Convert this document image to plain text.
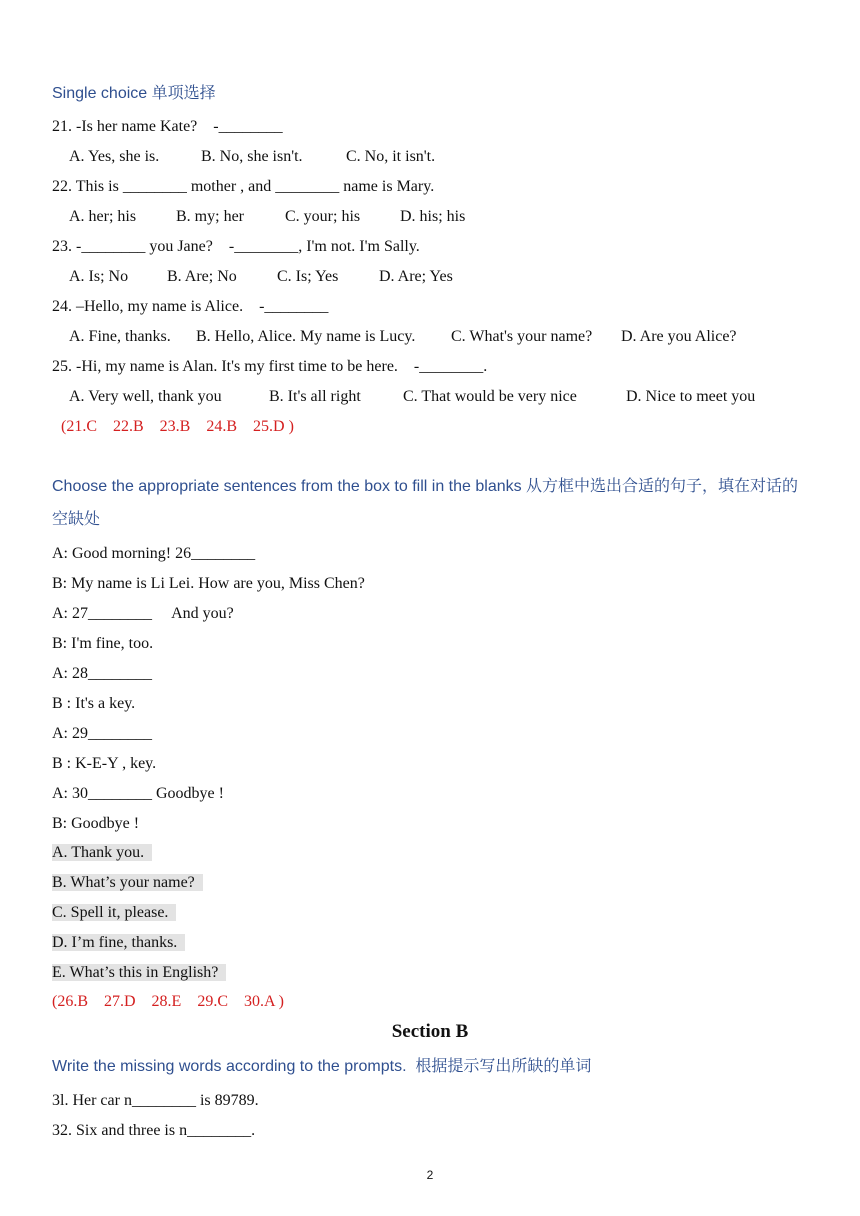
Single choice 单项选择
21. -Is her name Kate?    -________
A. Yes, she is.	B. No, she isn't.	C. No, it isn't.
22. This is ________ mother , and ________ name is Mary.
A. her; his B. my; her	C. your; his D. his; his
23. -________ you Jane?    -________, I'm not. I'm Sally.
A. Is; No B. Are; No	C. Is; Yes	D. Are; Yes
24. –Hello, my name is Alice.    -________
A. Fine, thanks. B. Hello, Alice. My name is Lucy. C. What's your name? D. Are you Alice?
25. -Hi, my name is Alan. It's my first time to be here.    -________.
A. Very well, thank you	B. It's all right	C. That would be very nice	D. Nice to meet you
(21.C    22.B    23.B    24.B    25.D )
Choose the appropriate sentences from the box to fill in the blanks 从方框中选出合适的句子，填在对话的
空缺处
A: Good morning! 26________
B: My name is Li Lei. How are you, Miss Chen?
A: 27________     And you?
B: I'm fine, too.
A: 28________
B : It's a key.
A: 29________
B : K-E-Y , key.
A: 30________ Goodbye !
B: Goodbye !
A. Thank you.
B. What’s your name?
C. Spell it, please.
D. I’m fine, thanks.
E. What’s this in English?
(26.B    27.D    28.E    29.C    30.A )
Section B
Write the missing words according to the prompts.  根据提示写出所缺的单词
3l. Her car n________ is 89789.
32. Six and three is n________.
2
